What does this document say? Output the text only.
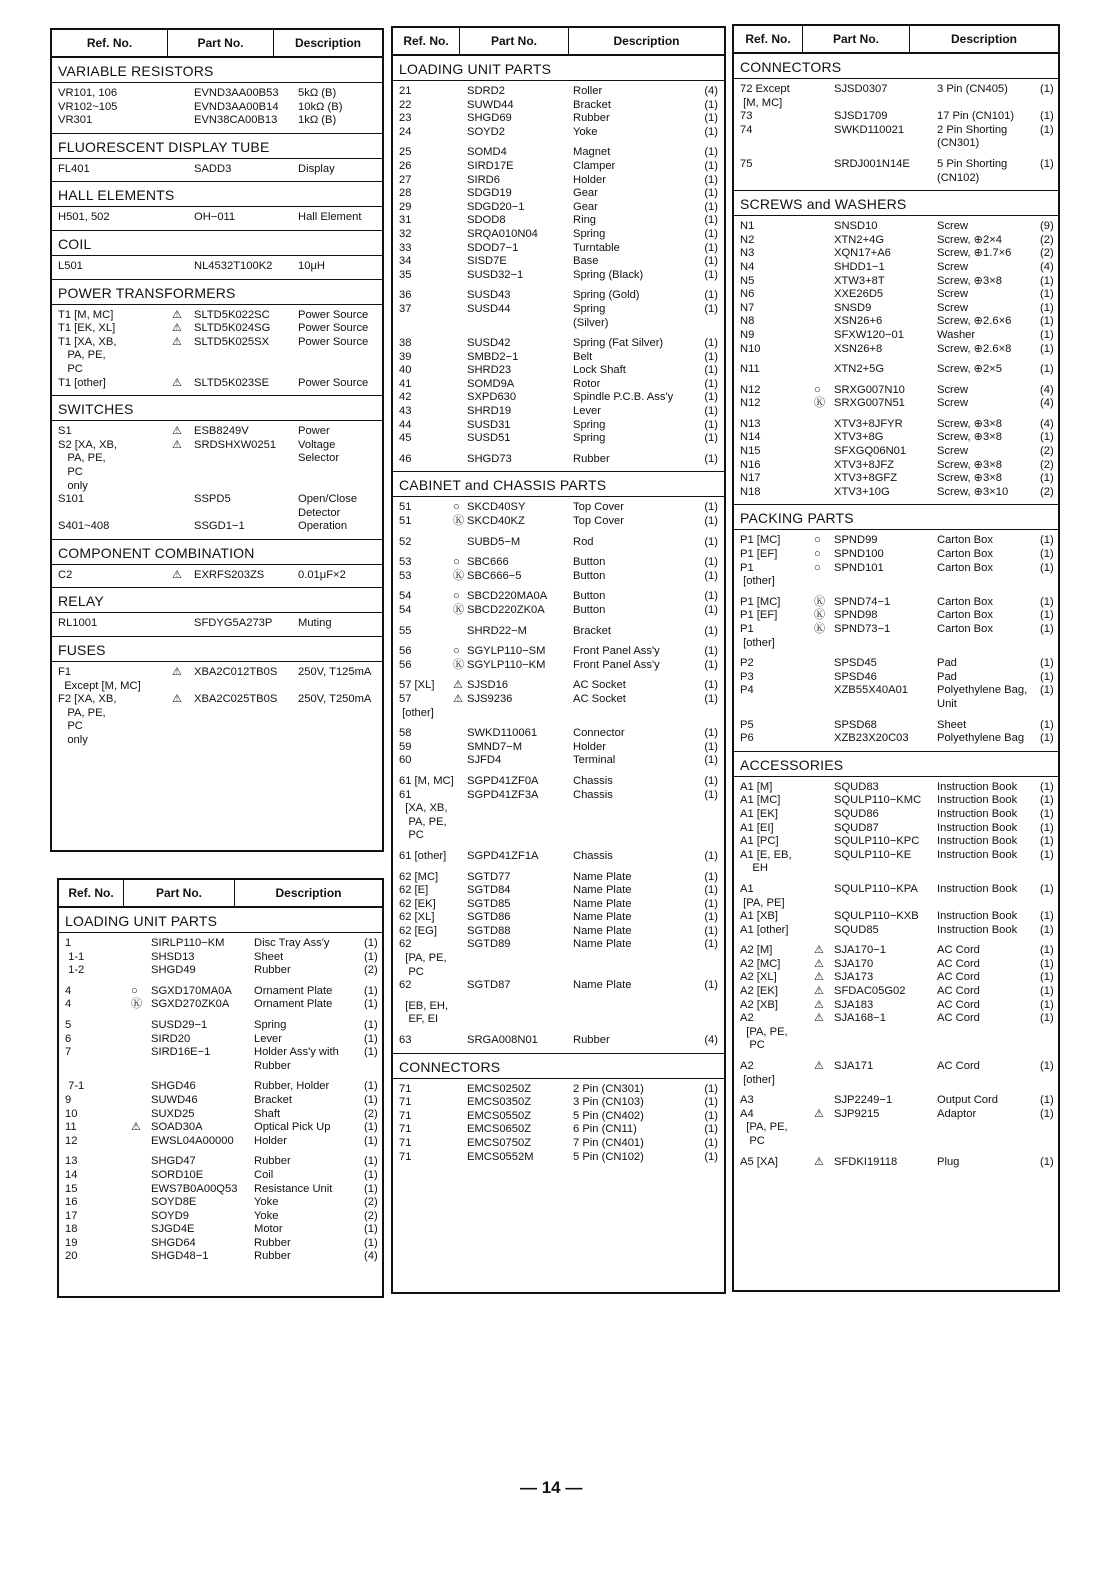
Ref. No.	Part No.	Description
VARIABLE RESISTORS
VR101, 106	EVND3AA00B53	5kΩ (B)
VR102~105	EVND3AA00B14	10kΩ (B)
VR301	EVN38CA00B13	1kΩ (B)
FLUORESCENT DISPLAY TUBE
FL401	SADD3	Display
HALL ELEMENTS
H501, 502	OH−011	Hall Element
COIL
L501	NL4532T100K2	10μH
POWER TRANSFORMERS
T1 [M, MC]	⚠	SLTD5K022SC	Power Source
T1 [EK, XL]	⚠	SLTD5K024SG	Power Source
T1 [XA, XB,	⚠	SLTD5K025SX	Power Source
PA, PE,
PC
T1 [other]	⚠	SLTD5K023SE	Power Source
SWITCHES
S1	⚠	ESB8249V	Power
S2 [XA, XB,	⚠	SRDSHXW0251	Voltage
PA, PE,	Selector
PC
only
S101	SSPD5	Open/Close
Detector
S401~408	SSGD1−1	Operation
COMPONENT COMBINATION
C2	⚠	EXRFS203ZS	0.01μF×2
RELAY
RL1001	SFDYG5A273P	Muting
FUSES
F1	⚠	XBA2C012TB0S	250V, T125mA
Except [M, MC]
F2 [XA, XB,	⚠	XBA2C025TB0S	250V, T250mA
PA, PE,
PC
only
Ref. No.	Part No.	Description
LOADING UNIT PARTS
1	SIRLP110−KM	Disc Tray Ass'y	(1)
1-1	SHSD13	Sheet	(1)
1-2	SHGD49	Rubber	(2)
4	○	SGXD170MA0A	Ornament Plate	(1)
4	Ⓚ SGXD270ZK0A	Ornament Plate	(1)
5	SUSD29−1	Spring	(1)
6	SIRD20	Lever	(1)
7	SIRD16E−1	Holder Ass'y with	(1)
Rubber
7-1	SHGD46	Rubber, Holder	(1)
9	SUWD46	Bracket	(1)
10	SUXD25	Shaft	(2)
11	⚠ SOAD30A	Optical Pick Up	(1)
12	EWSL04A00000	Holder	(1)
13	SHGD47	Rubber	(1)
14	SORD10E	Coil	(1)
15	EWS7B0A00Q53	Resistance Unit	(1)
16	SOYD8E	Yoke	(2)
17	SOYD9	Yoke	(2)
18	SJGD4E	Motor	(1)
19	SHGD64	Rubber	(1)
20	SHGD48−1	Rubber	(4)
Ref. No.	Part No.	Description
LOADING UNIT PARTS
21	SDRD2	Roller	(4)
22	SUWD44	Bracket	(1)
23	SHGD69	Rubber	(1)
24	SOYD2	Yoke	(1)
25	SOMD4	Magnet	(1)
26	SIRD17E	Clamper	(1)
27	SIRD6	Holder	(1)
28	SDGD19	Gear	(1)
29	SDGD20−1	Gear	(1)
31	SDOD8	Ring	(1)
32	SRQA010N04	Spring	(1)
33	SDOD7−1	Turntable	(1)
34	SISD7E	Base	(1)
35	SUSD32−1	Spring (Black)	(1)
36	SUSD43	Spring (Gold)	(1)
37	SUSD44	Spring	(1)
(Silver)
38	SUSD42	Spring (Fat Silver)	(1)
39	SMBD2−1	Belt	(1)
40	SHRD23	Lock Shaft	(1)
41	SOMD9A	Rotor	(1)
42	SXPD630	Spindle P.C.B. Ass'y	(1)
43	SHRD19	Lever	(1)
44	SUSD31	Spring	(1)
45	SUSD51	Spring	(1)
46	SHGD73	Rubber	(1)
CABINET and CHASSIS PARTS
51	○ SKCD40SY	Top Cover	(1)
51	Ⓚ SKCD40KZ	Top Cover	(1)
52	SUBD5−M	Rod	(1)
53	○ SBC666	Button	(1)
53	Ⓚ SBC666−5	Button	(1)
54	○ SBCD220MA0A	Button	(1)
54	Ⓚ SBCD220ZK0A	Button	(1)
55	SHRD22−M	Bracket	(1)
56	○ SGYLP110−SM	Front Panel Ass'y	(1)
56	Ⓚ SGYLP110−KM	Front Panel Ass'y	(1)
57 [XL]	⚠ SJSD16	AC Socket	(1)
57	⚠ SJS9236	AC Socket	(1)
[other]
58	SWKD110061	Connector	(1)
59	SMND7−M	Holder	(1)
60	SJFD4	Terminal	(1)
61 [M, MC]	SGPD41ZF0A	Chassis	(1)
61	SGPD41ZF3A	Chassis	(1)
[XA, XB,
PA, PE,
PC
61 [other]	SGPD41ZF1A	Chassis	(1)
62 [MC]	SGTD77	Name Plate	(1)
62 [E]	SGTD84	Name Plate	(1)
62 [EK]	SGTD85	Name Plate	(1)
62 [XL]	SGTD86	Name Plate	(1)
62 [EG]	SGTD88	Name Plate	(1)
62	SGTD89	Name Plate	(1)
[PA, PE,
PC
62	SGTD87	Name Plate	(1)
[EB, EH,
EF, EI
63	SRGA008N01	Rubber	(4)
CONNECTORS
71	EMCS0250Z	2 Pin (CN301)	(1)
71	EMCS0350Z	3 Pin (CN103)	(1)
71	EMCS0550Z	5 Pin (CN402)	(1)
71	EMCS0650Z	6 Pin (CN11)	(1)
71	EMCS0750Z	7 Pin (CN401)	(1)
71	EMCS0552M	5 Pin (CN102)	(1)
Ref. No.	Part No.	Description
CONNECTORS
72 Except	SJSD0307	3 Pin (CN405)	(1)
[M, MC]
73	SJSD1709	17 Pin (CN101)	(1)
74	SWKD110021	2 Pin Shorting	(1)
(CN301)
75	SRDJ001N14E	5 Pin Shorting	(1)
(CN102)
SCREWS and WASHERS
N1	SNSD10	Screw	(9)
N2	XTN2+4G	Screw, ⊕2×4	(2)
N3	XQN17+A6	Screw, ⊕1.7×6	(2)
N4	SHDD1−1	Screw	(4)
N5	XTW3+8T	Screw, ⊕3×8	(1)
N6	XXE26D5	Screw	(1)
N7	SNSD9	Screw	(1)
N8	XSN26+6	Screw, ⊕2.6×6	(1)
N9	SFXW120−01	Washer	(1)
N10	XSN26+8	Screw, ⊕2.6×8	(1)
N11	XTN2+5G	Screw, ⊕2×5	(1)
N12	○	SRXG007N10	Screw	(4)
N12	Ⓚ SRXG007N51	Screw	(4)
N13	XTV3+8JFYR	Screw, ⊕3×8	(4)
N14	XTV3+8G	Screw, ⊕3×8	(1)
N15	SFXGQ06N01	Screw	(2)
N16	XTV3+8JFZ	Screw, ⊕3×8	(2)
N17	XTV3+8GFZ	Screw, ⊕3×8	(1)
N18	XTV3+10G	Screw, ⊕3×10	(2)
PACKING PARTS
P1 [MC]	○	SPND99	Carton Box	(1)
P1 [EF]	○	SPND100	Carton Box	(1)
P1	○	SPND101	Carton Box	(1)
[other]
P1 [MC]	Ⓚ SPND74−1	Carton Box	(1)
P1 [EF]	Ⓚ SPND98	Carton Box	(1)
P1	Ⓚ SPND73−1	Carton Box	(1)
[other]
P2	SPSD45	Pad	(1)
P3	SPSD46	Pad	(1)
P4	XZB55X40A01	Polyethylene Bag,	(1)
Unit
P5	SPSD68	Sheet	(1)
P6	XZB23X20C03	Polyethylene Bag	(1)
ACCESSORIES
A1 [M]	SQUD83	Instruction Book	(1)
A1 [MC]	SQULP110−KMC	Instruction Book	(1)
A1 [EK]	SQUD86	Instruction Book	(1)
A1 [EI]	SQUD87	Instruction Book	(1)
A1 [PC]	SQULP110−KPC	Instruction Book	(1)
A1 [E, EB,	SQULP110−KE	Instruction Book	(1)
EH
A1	SQULP110−KPA	Instruction Book	(1)
[PA, PE]
A1 [XB]	SQULP110−KXB	Instruction Book	(1)
A1 [other]	SQUD85	Instruction Book	(1)
A2 [M]	⚠ SJA170−1	AC Cord	(1)
A2 [MC]	⚠ SJA170	AC Cord	(1)
A2 [XL]	⚠ SJA173	AC Cord	(1)
A2 [EK]	⚠ SFDAC05G02	AC Cord	(1)
A2 [XB]	⚠ SJA183	AC Cord	(1)
A2	⚠ SJA168−1	AC Cord	(1)
[PA, PE,
PC
A2	⚠ SJA171	AC Cord	(1)
[other]
A3	SJP2249−1	Output Cord	(1)
A4	⚠ SJP9215	Adaptor	(1)
[PA, PE,
PC
A5 [XA]	⚠ SFDKI19118	Plug	(1)
— 14 —
